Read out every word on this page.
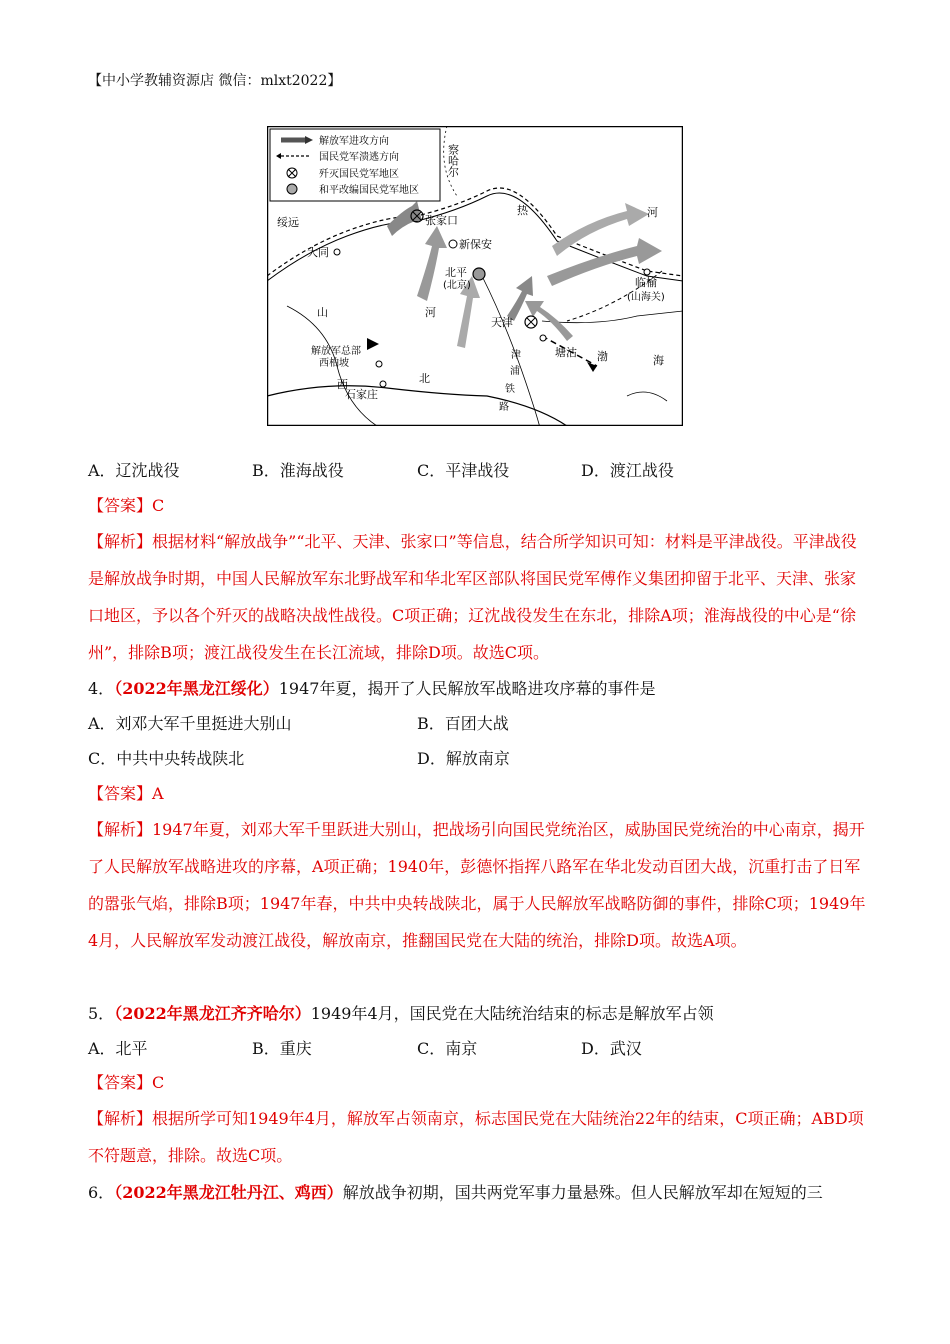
【中小学教辅资源店 微信：mlxt2022】
解放军进攻方向
国民党军溃逃方向
歼灭国民党军地区
和平改编国民党军地区
察哈尔
绥远
热	河
张家口
新保安
大同
北平
(北京)	临榆
(山海关)
山	河
天津
解放军总部
西柏坡
塘沽 渤	海
西	北
石家庄
津
浦
铁
路
A．辽沈战役	B．淮海战役	C．平津战役	D．渡江战役
【答案】C
【解析】根据材料“解放战争”“北平、天津、张家口”等信息，结合所学知识可知：材料是平津战役。平津战役是解放战争时期，中国人民解放军东北野战军和华北军区部队将国民党军傅作义集团抑留于北平、天津、张家口地区，予以各个歼灭的战略决战性战役。C项正确；辽沈战役发生在东北，排除A项；淮海战役的中心是“徐州”，排除B项；渡江战役发生在长江流域，排除D项。故选C项。
4．（2022年黑龙江绥化）1947年夏，揭开了人民解放军战略进攻序幕的事件是
A．刘邓大军千里挺进大别山	B．百团大战
C．中共中央转战陕北	D．解放南京
【答案】A
【解析】1947年夏，刘邓大军千里跃进大别山，把战场引向国民党统治区，威胁国民党统治的中心南京，揭开了人民解放军战略进攻的序幕，A项正确；1940年，彭德怀指挥八路军在华北发动百团大战，沉重打击了日军的嚣张气焰，排除B项；1947年春，中共中央转战陕北，属于人民解放军战略防御的事件，排除C项；1949年4月，人民解放军发动渡江战役，解放南京，推翻国民党在大陆的统治，排除D项。故选A项。
5．（2022年黑龙江齐齐哈尔）1949年4月，国民党在大陆统治结束的标志是解放军占领
A．北平	B．重庆	C．南京	D．武汉
【答案】C
【解析】根据所学可知1949年4月，解放军占领南京，标志国民党在大陆统治22年的结束，C项正确；ABD项不符题意，排除。故选C项。
6．（2022年黑龙江牡丹江、鸡西）解放战争初期，国共两党军事力量悬殊。但人民解放军却在短短的三
